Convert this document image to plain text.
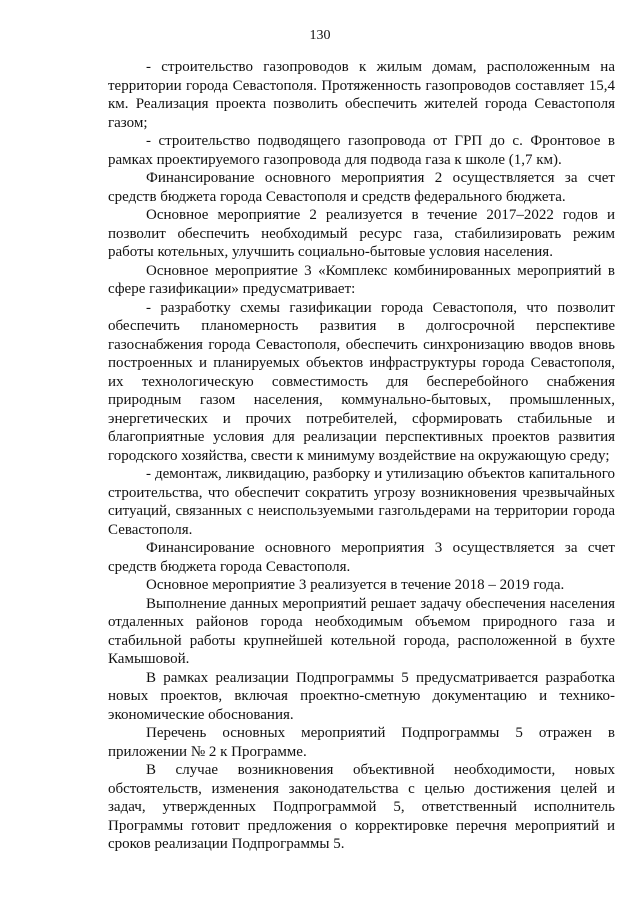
130

- строительство газопроводов к жилым домам, расположенным на территории города Севастополя. Протяженность газопроводов составляет 15,4 км. Реализация проекта позволить обеспечить жителей города Севастополя газом;

- строительство подводящего газопровода от ГРП до с. Фронтовое в рамках проектируемого газопровода для подвода газа к школе (1,7 км).

Финансирование основного мероприятия 2 осуществляется за счет средств бюджета города Севастополя и средств федерального бюджета.

Основное мероприятие 2 реализуется в течение 2017–2022 годов и позволит обеспечить необходимый ресурс газа, стабилизировать режим работы котельных, улучшить социально-бытовые условия населения.

Основное мероприятие 3 «Комплекс комбинированных мероприятий в сфере газификации» предусматривает:

- разработку схемы газификации города Севастополя, что позволит обеспечить планомерность развития в долгосрочной перспективе газоснабжения города Севастополя, обеспечить синхронизацию вводов вновь построенных и планируемых объектов инфраструктуры города Севастополя, их технологическую совместимость для бесперебойного снабжения природным газом населения, коммунально-бытовых, промышленных, энергетических и прочих потребителей, сформировать стабильные и благоприятные условия для реализации перспективных проектов развития городского хозяйства, свести к минимуму воздействие на окружающую среду;

- демонтаж, ликвидацию, разборку и утилизацию объектов капитального строительства, что обеспечит сократить угрозу возникновения чрезвычайных ситуаций, связанных с неиспользуемыми газгольдерами на территории города Севастополя.

Финансирование основного мероприятия 3 осуществляется за счет средств бюджета города Севастополя.

Основное мероприятие 3 реализуется в течение 2018 – 2019 года.

Выполнение данных мероприятий решает задачу обеспечения населения отдаленных районов города необходимым объемом природного газа и стабильной работы крупнейшей котельной города, расположенной в бухте Камышовой.

В рамках реализации Подпрограммы 5 предусматривается разработка новых проектов, включая проектно-сметную документацию и технико-экономические обоснования.

Перечень основных мероприятий Подпрограммы 5 отражен в приложении № 2 к Программе.

В случае возникновения объективной необходимости, новых обстоятельств, изменения законодательства с целью достижения целей и задач, утвержденных Подпрограммой 5, ответственный исполнитель Программы готовит предложения о корректировке перечня мероприятий и сроков реализации Подпрограммы 5.
